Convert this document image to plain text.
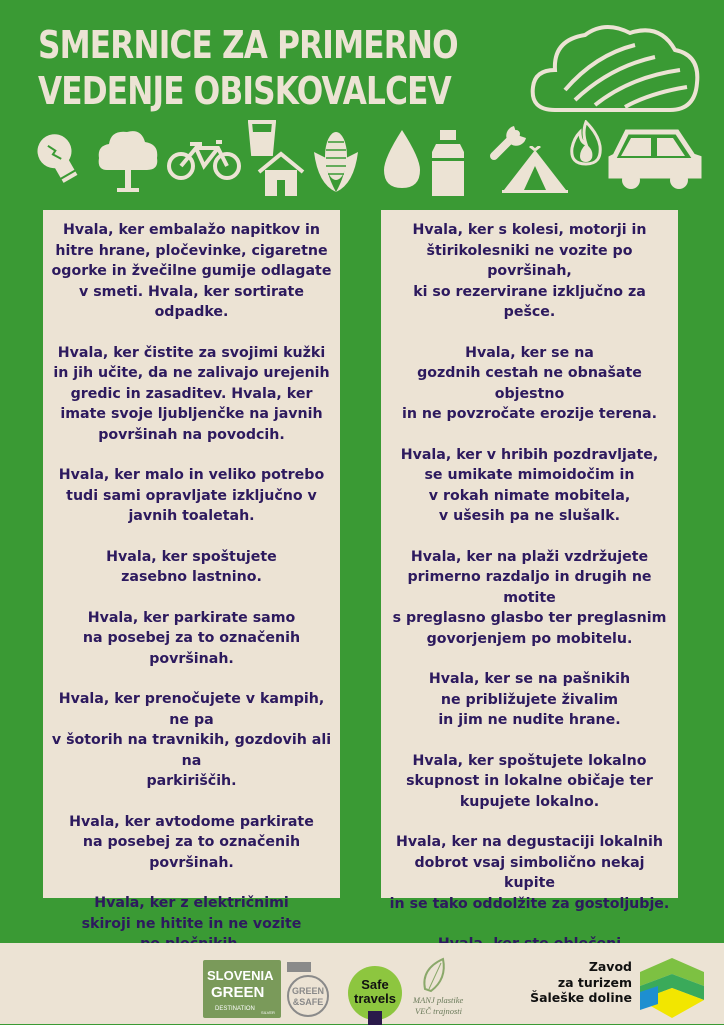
SMERNICE ZA PRIMERNO
VEDENJE OBISKOVALCEV

Hvala, ker embalažo napitkov in
hitre hrane, pločevinke, cigaretne
ogorke in žvečilne gumije odlagate
v smeti. Hvala, ker sortirate
odpadke.

Hvala, ker čistite za svojimi kužki
in jih učite, da ne zalivajo urejenih
gredic in zasaditev. Hvala, ker
imate svoje ljubljenčke na javnih
površinah na povodcih.

Hvala, ker malo in veliko potrebo
tudi sami opravljate izključno v
javnih toaletah.

Hvala, ker spoštujete
zasebno lastnino.

Hvala, ker parkirate samo
na posebej za to označenih
površinah.

Hvala, ker prenočujete v kampih, ne pa
v šotorih na travnikih, gozdovih ali na
parkiriščih.

Hvala, ker avtodome parkirate
na posebej za to označenih površinah.

Hvala, ker z električnimi
skiroji ne hitite in ne vozite

Hvala, ker s kolesi, motorji in
štirikolesniki ne vozite po površinah,
ki so rezervirane izključno za pešce.

Hvala, ker se na
gozdnih cestah ne obnašate objestno
in ne povzročate erozije terena.

Hvala, ker v hribih pozdravljate,
se umikate mimoidočim in
v rokah nimate mobitela,
v ušesih pa ne slušalk.

Hvala, ker na plaži vzdržujete
primerno razdaljo in drugih ne motite
s preglasno glasbo ter preglasnim
govorjenjem po mobitelu.

Hvala, ker se na pašnikih
ne približujete živalim
in jim ne nudite hrane.

Hvala, ker spoštujete lokalno
skupnost in lokalne običaje ter
kupujete lokalno.

Hvala, ker na degustaciji lokalnih
dobrot vsaj simbolično nekaj kupite
in se tako oddolžite za gostoljubje.

SLOVENIA
GREEN
DESTINATION
SILVER
GREEN
&SAFE
Safe
travels MANJ plastike
VEČ trajnosti
Zavod
za turizem
Šaleške doline
